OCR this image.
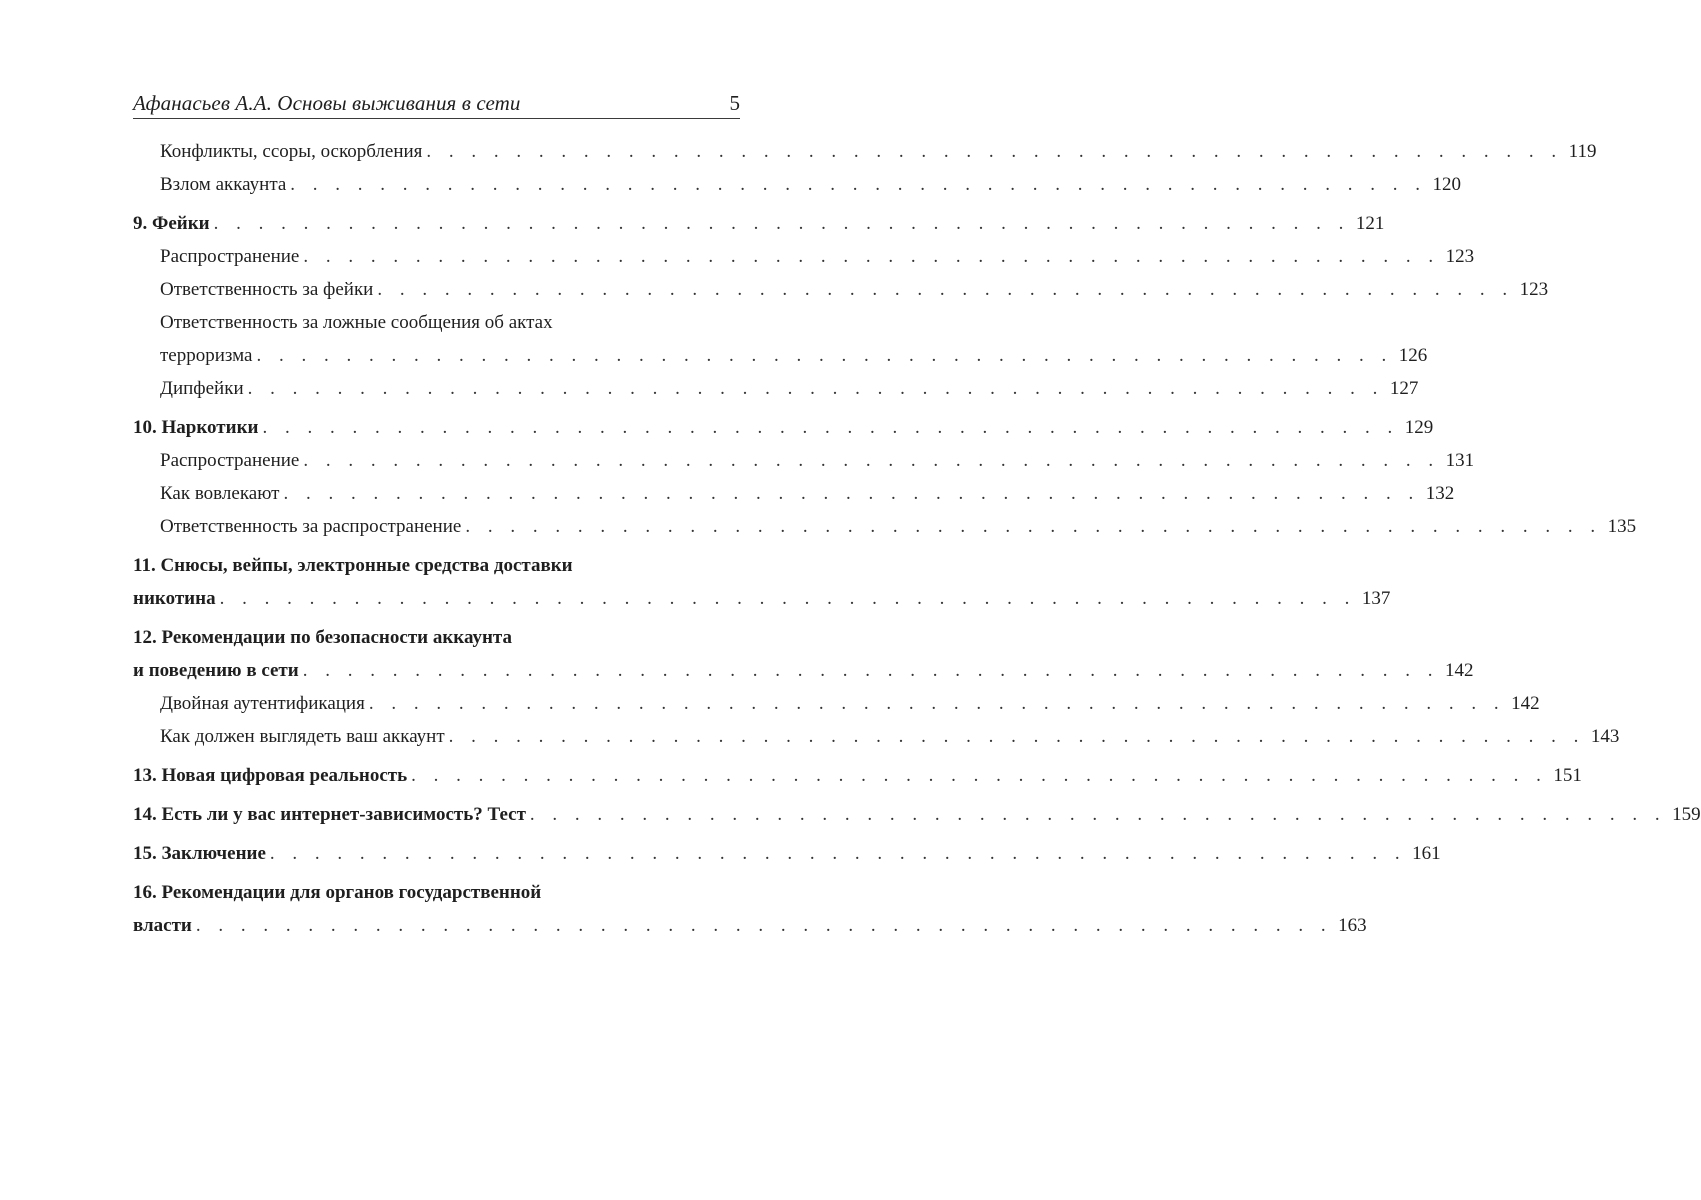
Афанасьев А.А. Основы выживания в сети	5
Конфликты, ссоры, оскорбления . . . . . . . . . . . . . . . . . . . . . . . . . . . . . . . . . . . . . . . . . . . . . . . . . . . 119
Взлом аккаунта . . . . . . . . . . . . . . . . . . . . . . . . . . . . . . . . . . . . . . . . . . . . . . . . . . . 120
9. Фейки . . . . . . . . . . . . . . . . . . . . . . . . . . . . . . . . . . . . . . . . . . . . . . . . . . . 121
Распространение . . . . . . . . . . . . . . . . . . . . . . . . . . . . . . . . . . . . . . . . . . . . . . . . . . . 123
Ответственность за фейки . . . . . . . . . . . . . . . . . . . . . . . . . . . . . . . . . . . . . . . . . . . . . . . . . . . 123
Ответственность за ложные сообщения об актах
терроризма . . . . . . . . . . . . . . . . . . . . . . . . . . . . . . . . . . . . . . . . . . . . . . . . . . . 126
Дипфейки . . . . . . . . . . . . . . . . . . . . . . . . . . . . . . . . . . . . . . . . . . . . . . . . . . . 127
10. Наркотики . . . . . . . . . . . . . . . . . . . . . . . . . . . . . . . . . . . . . . . . . . . . . . . . . . . 129
Распространение . . . . . . . . . . . . . . . . . . . . . . . . . . . . . . . . . . . . . . . . . . . . . . . . . . . 131
Как вовлекают . . . . . . . . . . . . . . . . . . . . . . . . . . . . . . . . . . . . . . . . . . . . . . . . . . . 132
Ответственность за распространение . . . . . . . . . . . . . . . . . . . . . . . . . . . . . . . . . . . . . . . . . . . . . . . . . . . 135
11. Снюсы, вейпы, электронные средства доставки
никотина . . . . . . . . . . . . . . . . . . . . . . . . . . . . . . . . . . . . . . . . . . . . . . . . . . . 137
12. Рекомендации по безопасности аккаунта
и поведению в сети . . . . . . . . . . . . . . . . . . . . . . . . . . . . . . . . . . . . . . . . . . . . . . . . . . . 142
Двойная аутентификация . . . . . . . . . . . . . . . . . . . . . . . . . . . . . . . . . . . . . . . . . . . . . . . . . . . 142
Как должен выглядеть ваш аккаунт . . . . . . . . . . . . . . . . . . . . . . . . . . . . . . . . . . . . . . . . . . . . . . . . . . . 143
13. Новая цифровая реальность . . . . . . . . . . . . . . . . . . . . . . . . . . . . . . . . . . . . . . . . . . . . . . . . . . . 151
14. Есть ли у вас интернет-зависимость? Тест . . . . . . . . . . . . . . . . . . . . . . . . . . . . . . . . . . . . . . . . . . . . . . . . . . . 159
15. Заключение . . . . . . . . . . . . . . . . . . . . . . . . . . . . . . . . . . . . . . . . . . . . . . . . . . . 161
16. Рекомендации для органов государственной
власти . . . . . . . . . . . . . . . . . . . . . . . . . . . . . . . . . . . . . . . . . . . . . . . . . . . 163
